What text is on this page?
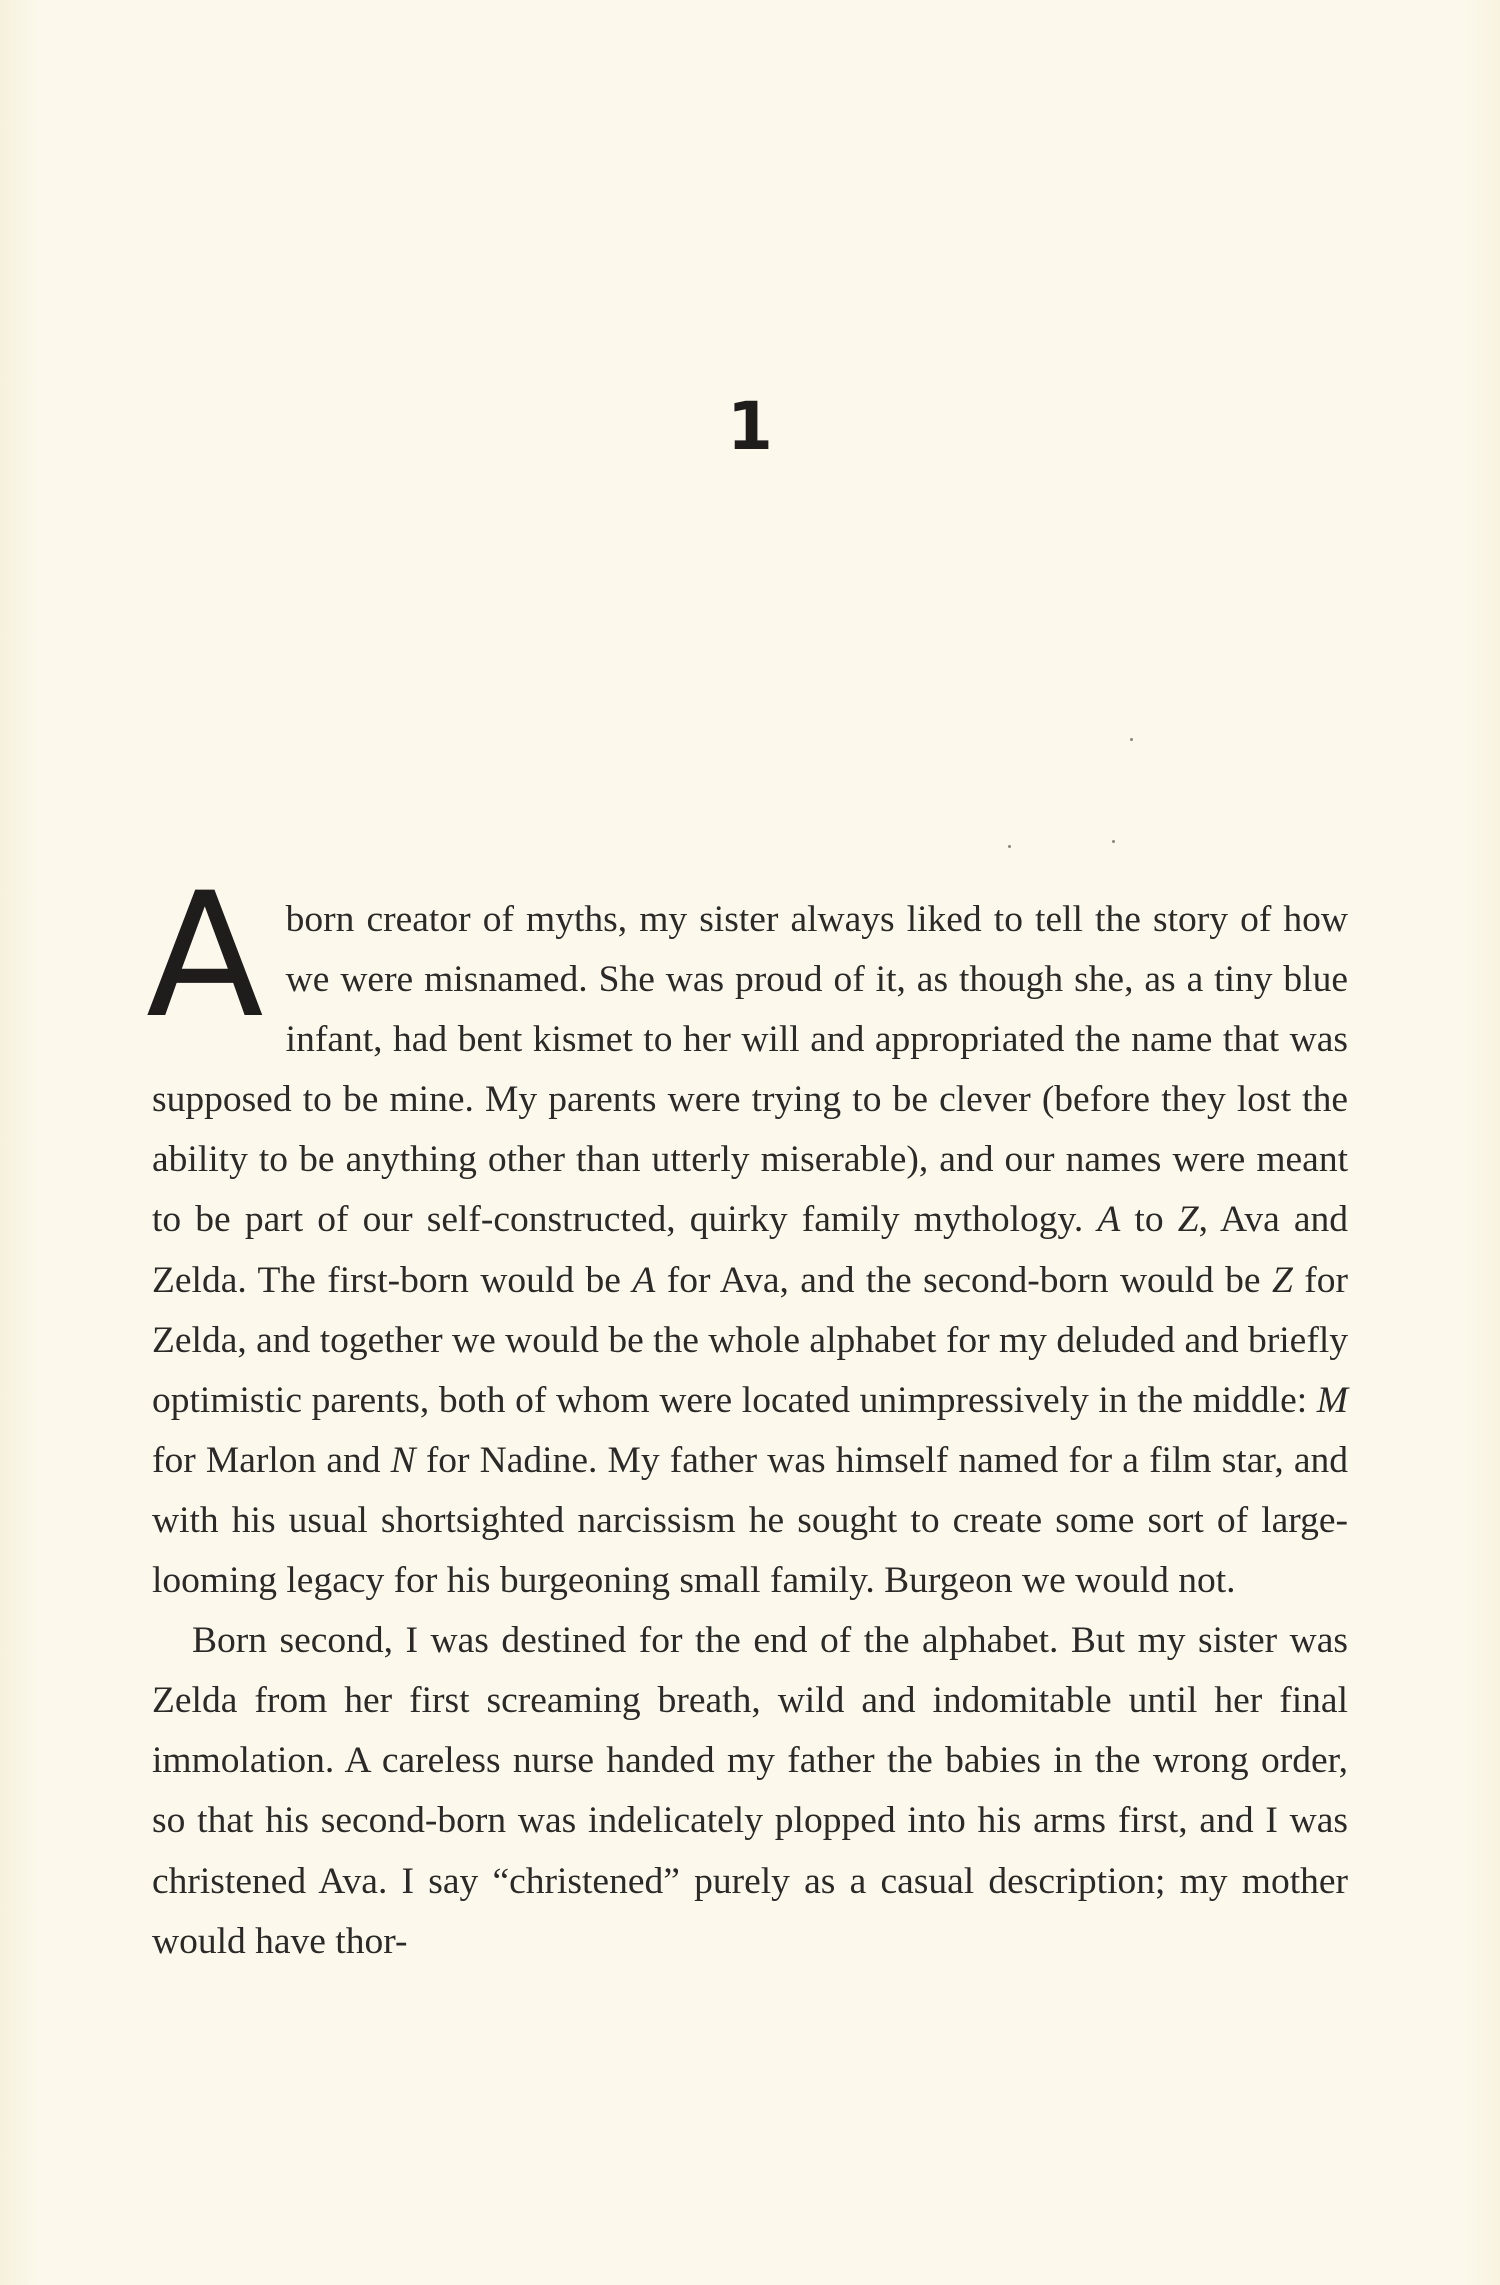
1

Aborn creator of myths, my sister always liked to tell the story of how we were misnamed. She was proud of it, as though she, as a tiny blue infant, had bent kismet to her will and appropriated the name that was supposed to be mine. My parents were trying to be clever (before they lost the ability to be anything other than utterly miserable), and our names were meant to be part of our self-constructed, quirky family mythology. A to Z, Ava and Zelda. The first-born would be A for Ava, and the second-born would be Z for Zelda, and together we would be the whole alphabet for my deluded and briefly optimistic parents, both of whom were located unimpressively in the middle: M for Marlon and N for Nadine. My father was himself named for a film star, and with his usual shortsighted narcissism he sought to create some sort of large-looming legacy for his burgeoning small family. Burgeon we would not.

Born second, I was destined for the end of the alphabet. But my sister was Zelda from her first screaming breath, wild and indomitable until her final immolation. A careless nurse handed my father the babies in the wrong order, so that his second-born was indelicately plopped into his arms first, and I was christened Ava. I say “christened” purely as a casual description; my mother would have thor-
